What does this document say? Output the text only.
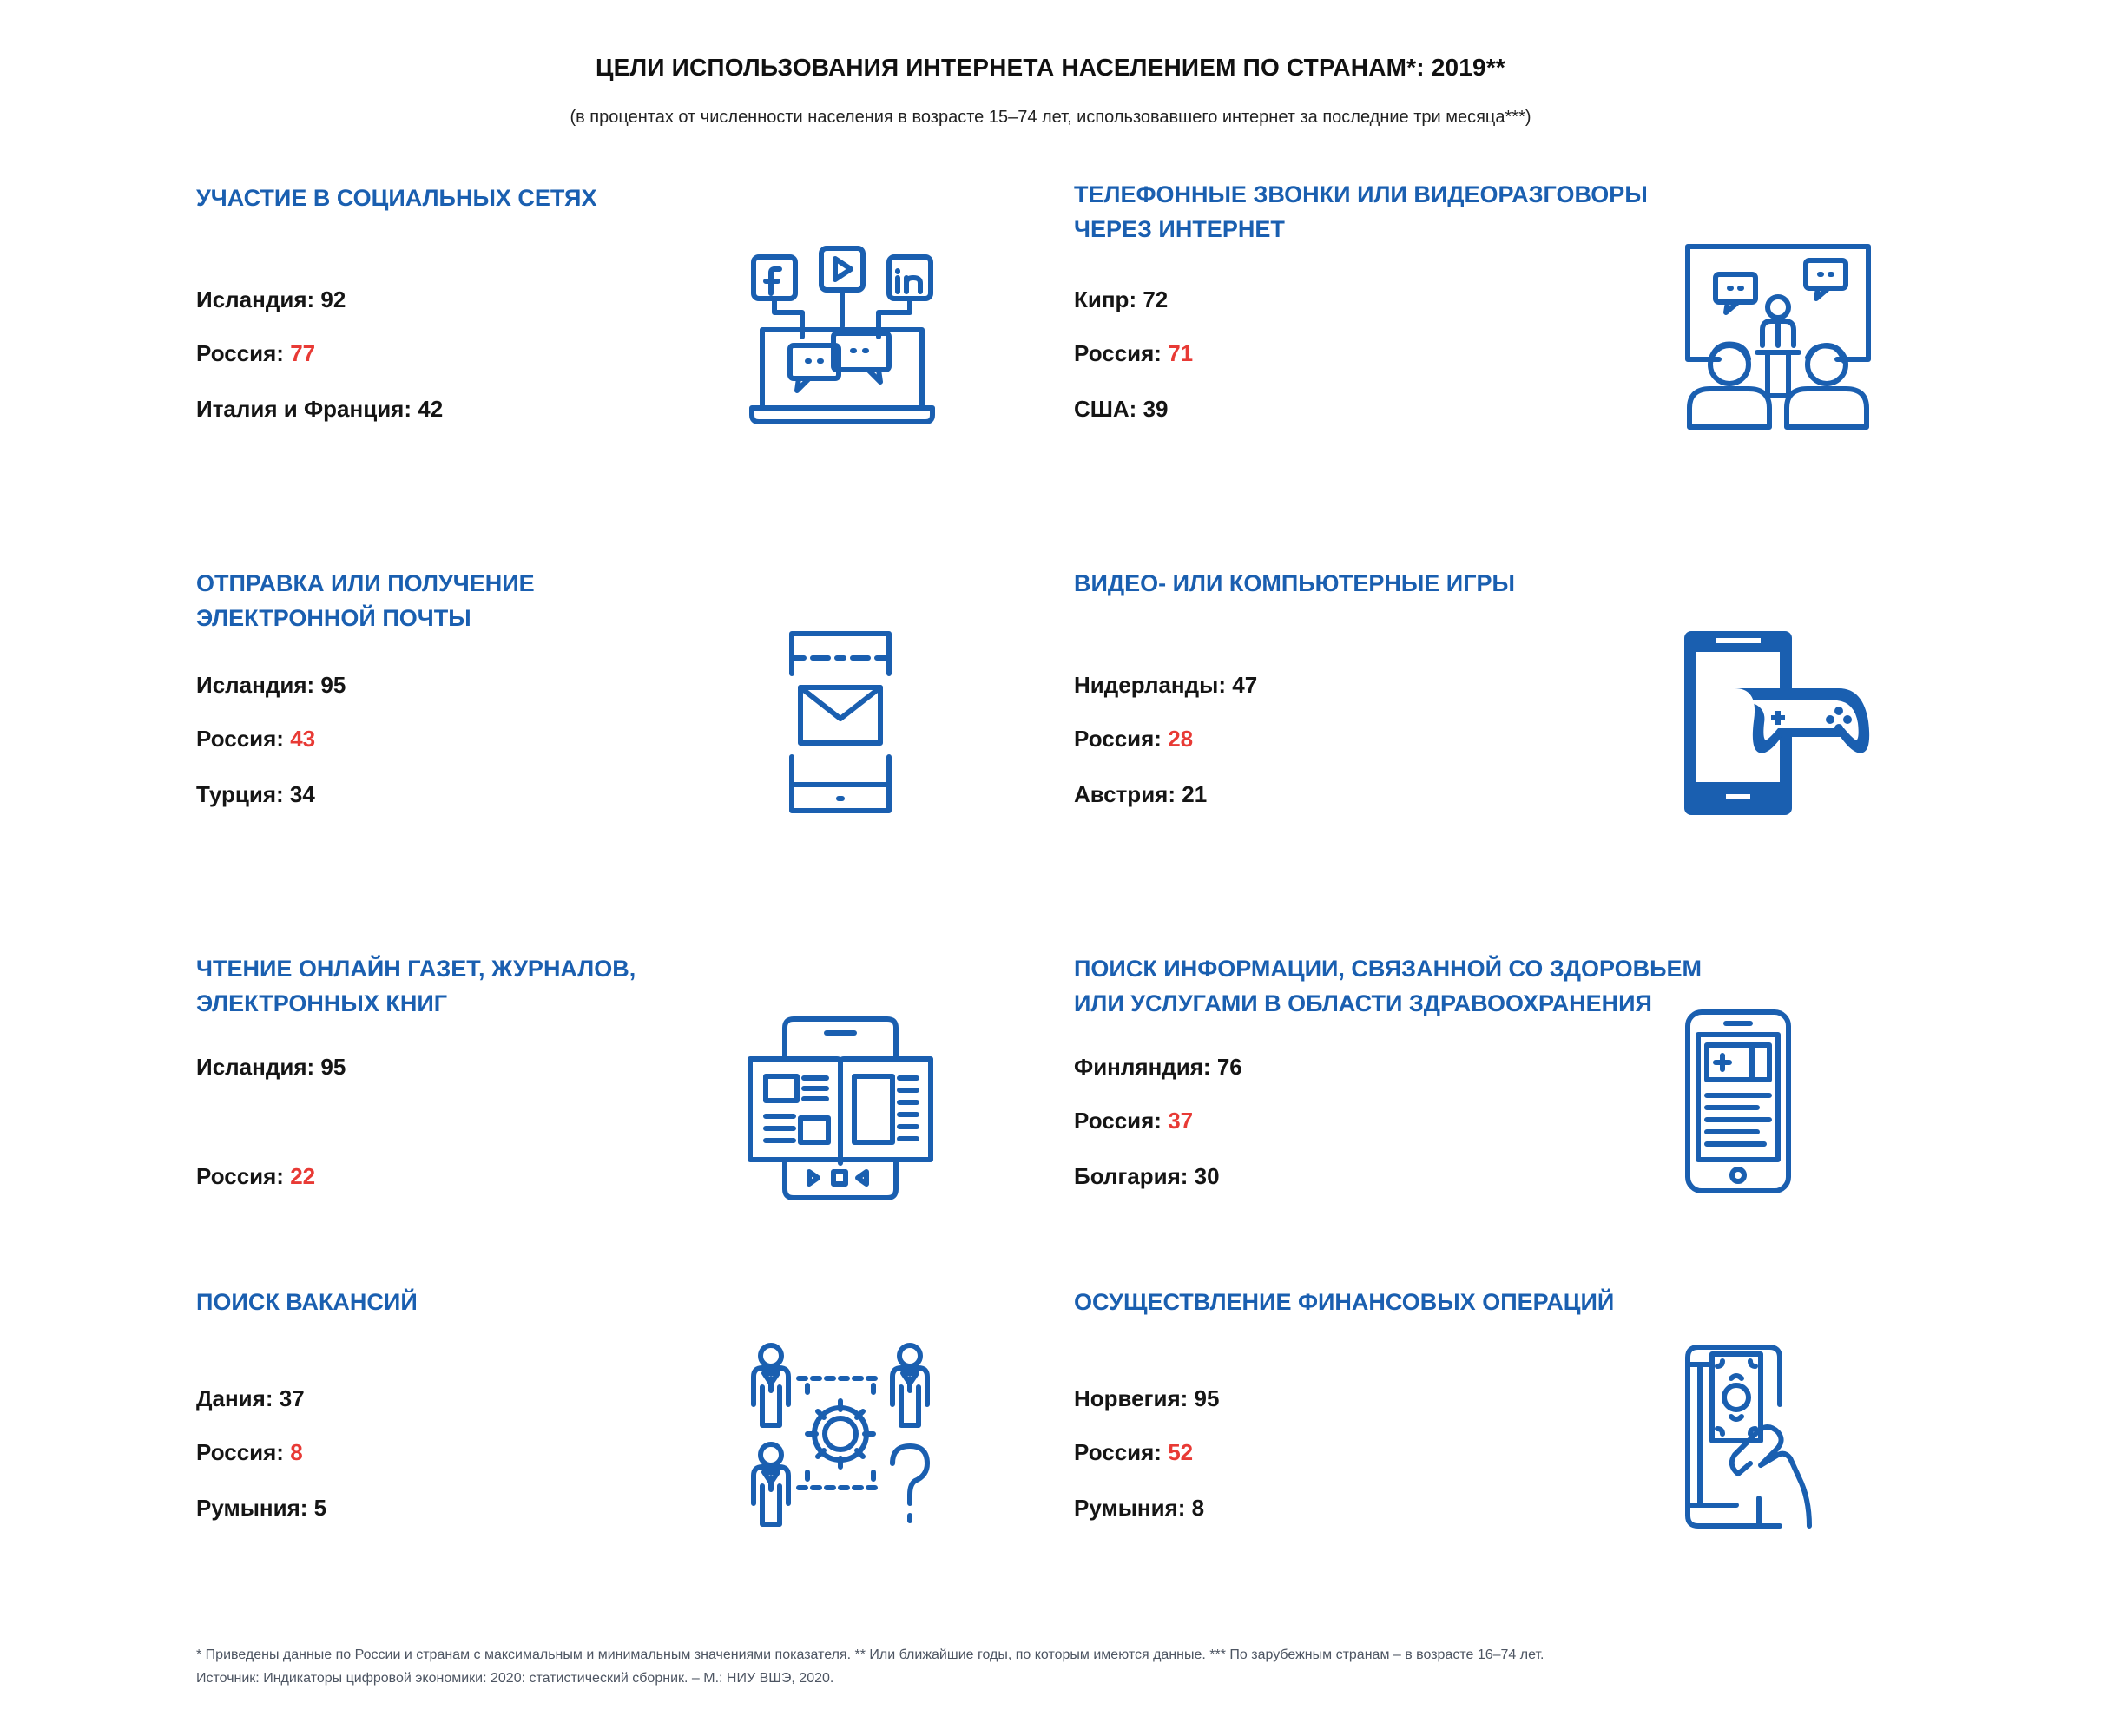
ЦЕЛИ ИСПОЛЬЗОВАНИЯ ИНТЕРНЕТА НАСЕЛЕНИЕМ ПО СТРАНАМ*: 2019**
(в процентах от численности населения в возрасте 15–74 лет, использовавшего интернет за последние три месяца***)
УЧАСТИЕ В СОЦИАЛЬНЫХ СЕТЯХ
Исландия: 92
Россия: 77
Италия и Франция: 42
ТЕЛЕФОННЫЕ ЗВОНКИ ИЛИ ВИДЕОРАЗГОВОРЫ
ЧЕРЕЗ ИНТЕРНЕТ
Кипр: 72
Россия: 71
США: 39
ОТПРАВКА ИЛИ ПОЛУЧЕНИЕ
ЭЛЕКТРОННОЙ ПОЧТЫ
Исландия: 95
Россия: 43
Турция: 34
ВИДЕО- ИЛИ КОМПЬЮТЕРНЫЕ ИГРЫ
Нидерланды: 47
Россия: 28
Австрия: 21
ЧТЕНИЕ ОНЛАЙН ГАЗЕТ, ЖУРНАЛОВ,
ЭЛЕКТРОННЫХ КНИГ
Исландия: 95
Россия: 22
ПОИСК ИНФОРМАЦИИ, СВЯЗАННОЙ СО ЗДОРОВЬЕМ
ИЛИ УСЛУГАМИ В ОБЛАСТИ ЗДРАВООХРАНЕНИЯ
Финляндия: 76
Россия: 37
Болгария: 30
ПОИСК ВАКАНСИЙ
Дания: 37
Россия: 8
Румыния: 5
ОСУЩЕСТВЛЕНИЕ ФИНАНСОВЫХ ОПЕРАЦИЙ
Норвегия: 95
Россия: 52
Румыния: 8
* Приведены данные по России и странам с максимальным и минимальным значениями показателя. ** Или ближайшие годы, по которым имеются данные. *** По зарубежным странам – в возрасте 16–74 лет.
Источник: Индикаторы цифровой экономики: 2020: статистический сборник. – М.: НИУ ВШЭ, 2020.
